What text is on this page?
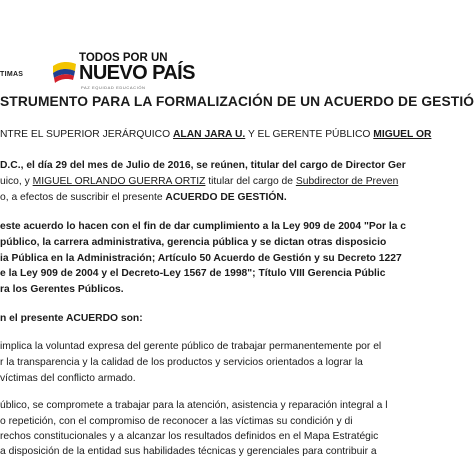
TIMAS
TODOS POR UN
NUEVO PAÍS
PAZ EQUIDAD EDUCACIÓN
STRUMENTO PARA LA FORMALIZACIÓN DE UN ACUERDO DE GESTIÓ
NTRE EL SUPERIOR JERÁRQUICO ALAN JARA U. Y EL GERENTE PÚBLICO MIGUEL OR
D.C., el día 29 del mes de Julio de 2016, se reúnen, titular del cargo de Director Ger
uico, y MIGUEL ORLANDO GUERRA ORTIZ titular del cargo de Subdirector de Preven
o, a efectos de suscribir el presente ACUERDO DE GESTIÓN.
este acuerdo lo hacen con el fin de dar cumplimiento a la Ley 909 de 2004 "Por la c
público, la carrera administrativa, gerencia pública y se dictan otras disposicio
ia Pública en la Administración; Artículo 50 Acuerdo de Gestión y su Decreto 1227
e la Ley 909 de 2004 y el Decreto-Ley 1567 de 1998"; Título VIII Gerencia Públic
ra los Gerentes Públicos.
n el presente ACUERDO son:
implica la voluntad expresa del gerente público de trabajar permanentemente por el
r la transparencia y la calidad de los productos y servicios orientados a lograr la
víctimas del conflicto armado.
úblico, se compromete a trabajar para la atención, asistencia y reparación integral a l
o repetición, con el compromiso de reconocer a las víctimas su condición y di
rechos constitucionales y a alcanzar los resultados definidos en el Mapa Estratégic
a disposición de la entidad sus habilidades técnicas y gerenciales para contribuir a
